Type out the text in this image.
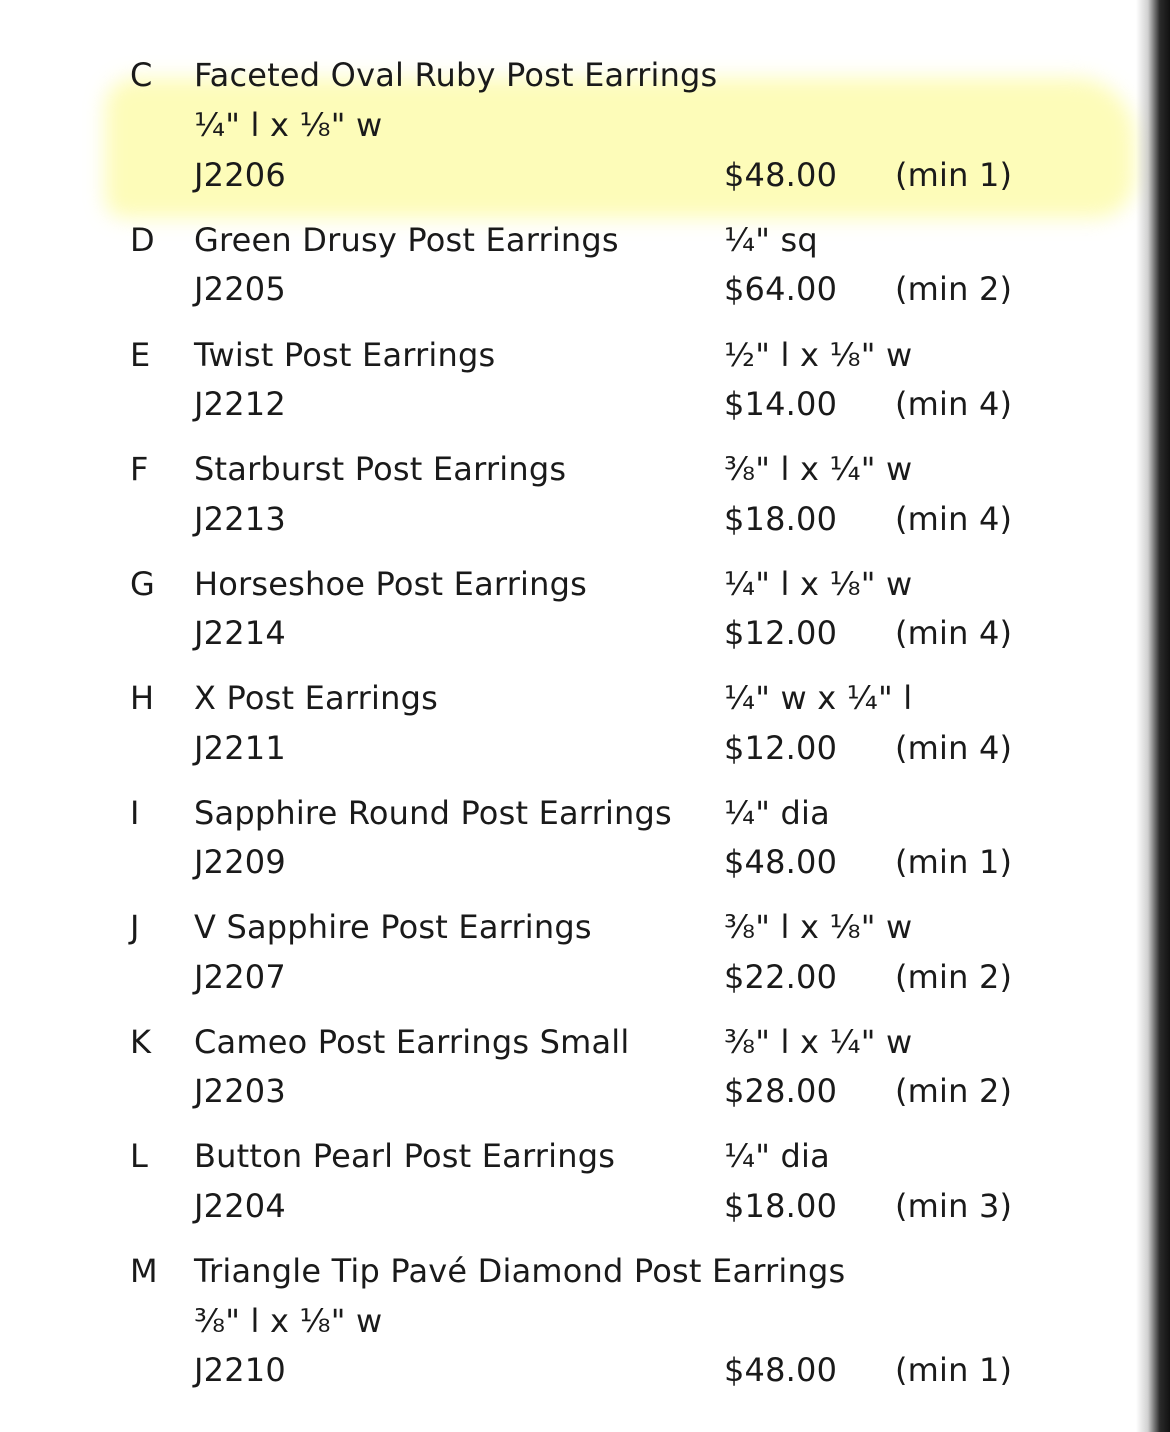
C Faceted Oval Ruby Post Earrings
¼" l x ⅛" w
J2206	$48.00 (min 1)
D Green Drusy Post Earrings	¼" sq
J2205	$64.00 (min 2)
E Twist Post Earrings	½" l x ⅛" w
J2212	$14.00 (min 4)
F Starburst Post Earrings	⅜" l x ¼" w
J2213	$18.00 (min 4)
G Horseshoe Post Earrings	¼" l x ⅛" w
J2214	$12.00 (min 4)
H X Post Earrings	¼" w x ¼" l
J2211	$12.00 (min 4)
I Sapphire Round Post Earrings ¼" dia
J2209	$48.00 (min 1)
J V Sapphire Post Earrings	⅜" l x ⅛" w
J2207	$22.00 (min 2)
K Cameo Post Earrings Small	⅜" l x ¼" w
J2203	$28.00 (min 2)
L Button Pearl Post Earrings	¼" dia
J2204	$18.00 (min 3)
M Triangle Tip Pavé Diamond Post Earrings
⅜" l x ⅛" w
J2210	$48.00 (min 1)
